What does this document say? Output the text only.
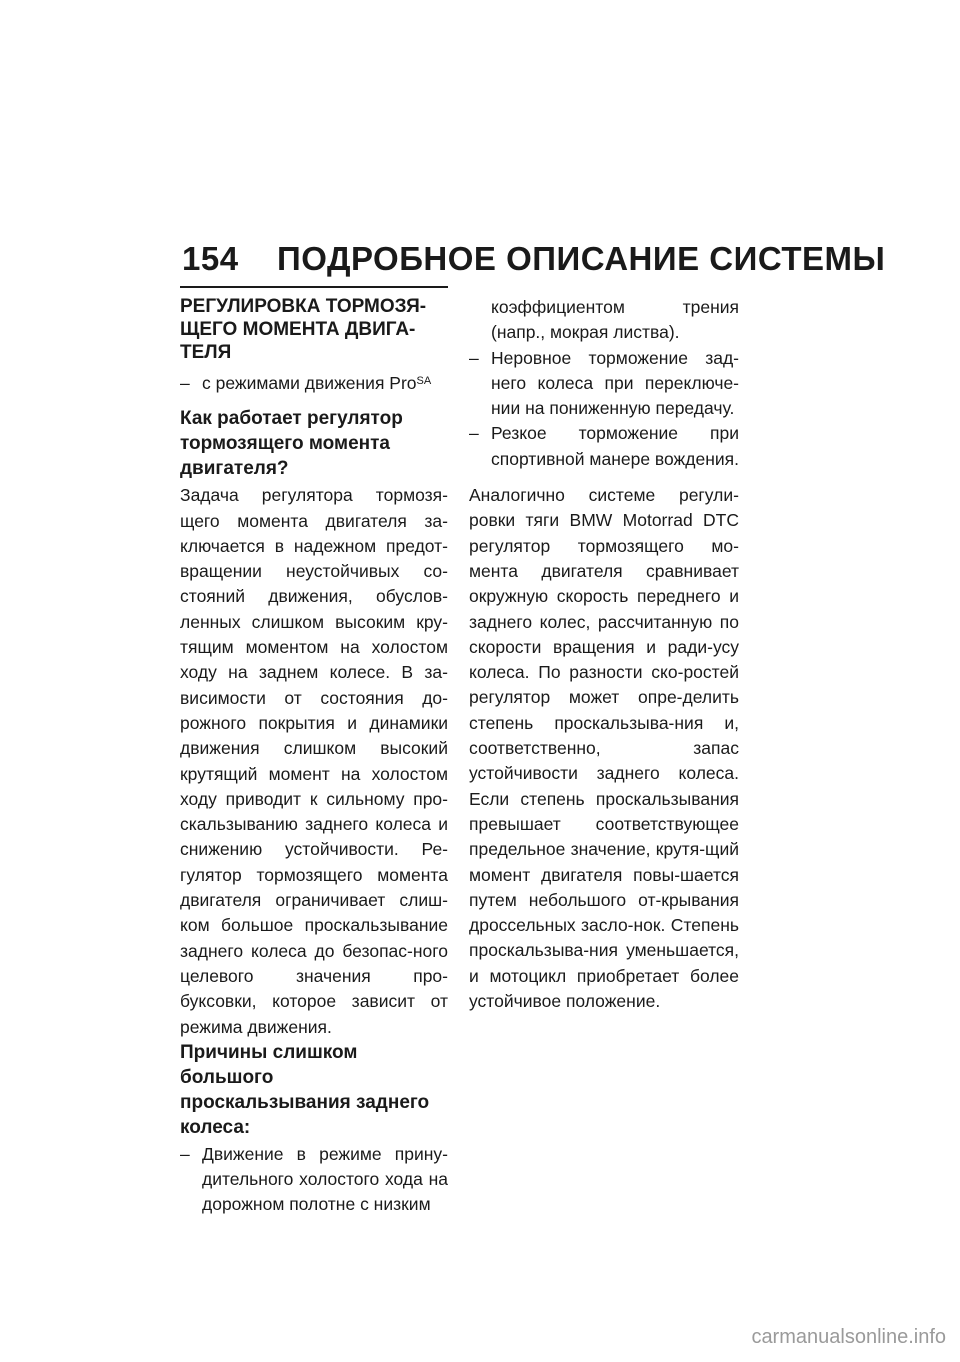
154 ПОДРОБНОЕ ОПИСАНИЕ СИСТЕМЫ
РЕГУЛИРОВКА ТОРМОЗЯ-ЩЕГО МОМЕНТА ДВИГА-ТЕЛЯ
– с режимами движения Pro$^{SA}$
Как работает регулятор тормозящего момента двигателя?

Задача регулятора тормозя-щего момента двигателя за-ключается в надежном предот-вращении неустойчивых со-стояний движения, обуслов-ленных слишком высоким кру-тящим моментом на холостом ходу на заднем колесе. В за-висимости от состояния до-рожного покрытия и динамики движения слишком высокий крутящий момент на холостом ходу приводит к сильному про-скальзыванию заднего колеса и снижению устойчивости. Ре-гулятор тормозящего момента двигателя ограничивает слиш-ком большое проскальзывание заднего колеса до безопас-ного целевого значения про-буксовки, которое зависит от режима движения.

Причины слишком большого проскальзывания заднего колеса:
– Движение в режиме прину-дительного холостого хода на дорожном полотне с низким

коэффициентом трения (напр., мокрая листва).

– Неровное торможение зад-него колеса при переключе-нии на пониженную передачу.

– Резкое торможение при спортивной манере вождения.

Аналогично системе регули-ровки тяги BMW Motorrad DTC регулятор тормозящего мо-мента двигателя сравнивает окружную скорость переднего и заднего колес, рассчитанную по скорости вращения и ради-усу колеса. По разности ско-ростей регулятор может опре-делить степень проскальзыва-ния и, соответственно, запас устойчивости заднего колеса. Если степень проскальзывания превышает соответствующее предельное значение, крутя-щий момент двигателя повы-шается путем небольшого от-крывания дроссельных засло-нок. Степень проскальзыва-ния уменьшается, и мотоцикл приобретает более устойчивое положение.

carmanualsonline.info
